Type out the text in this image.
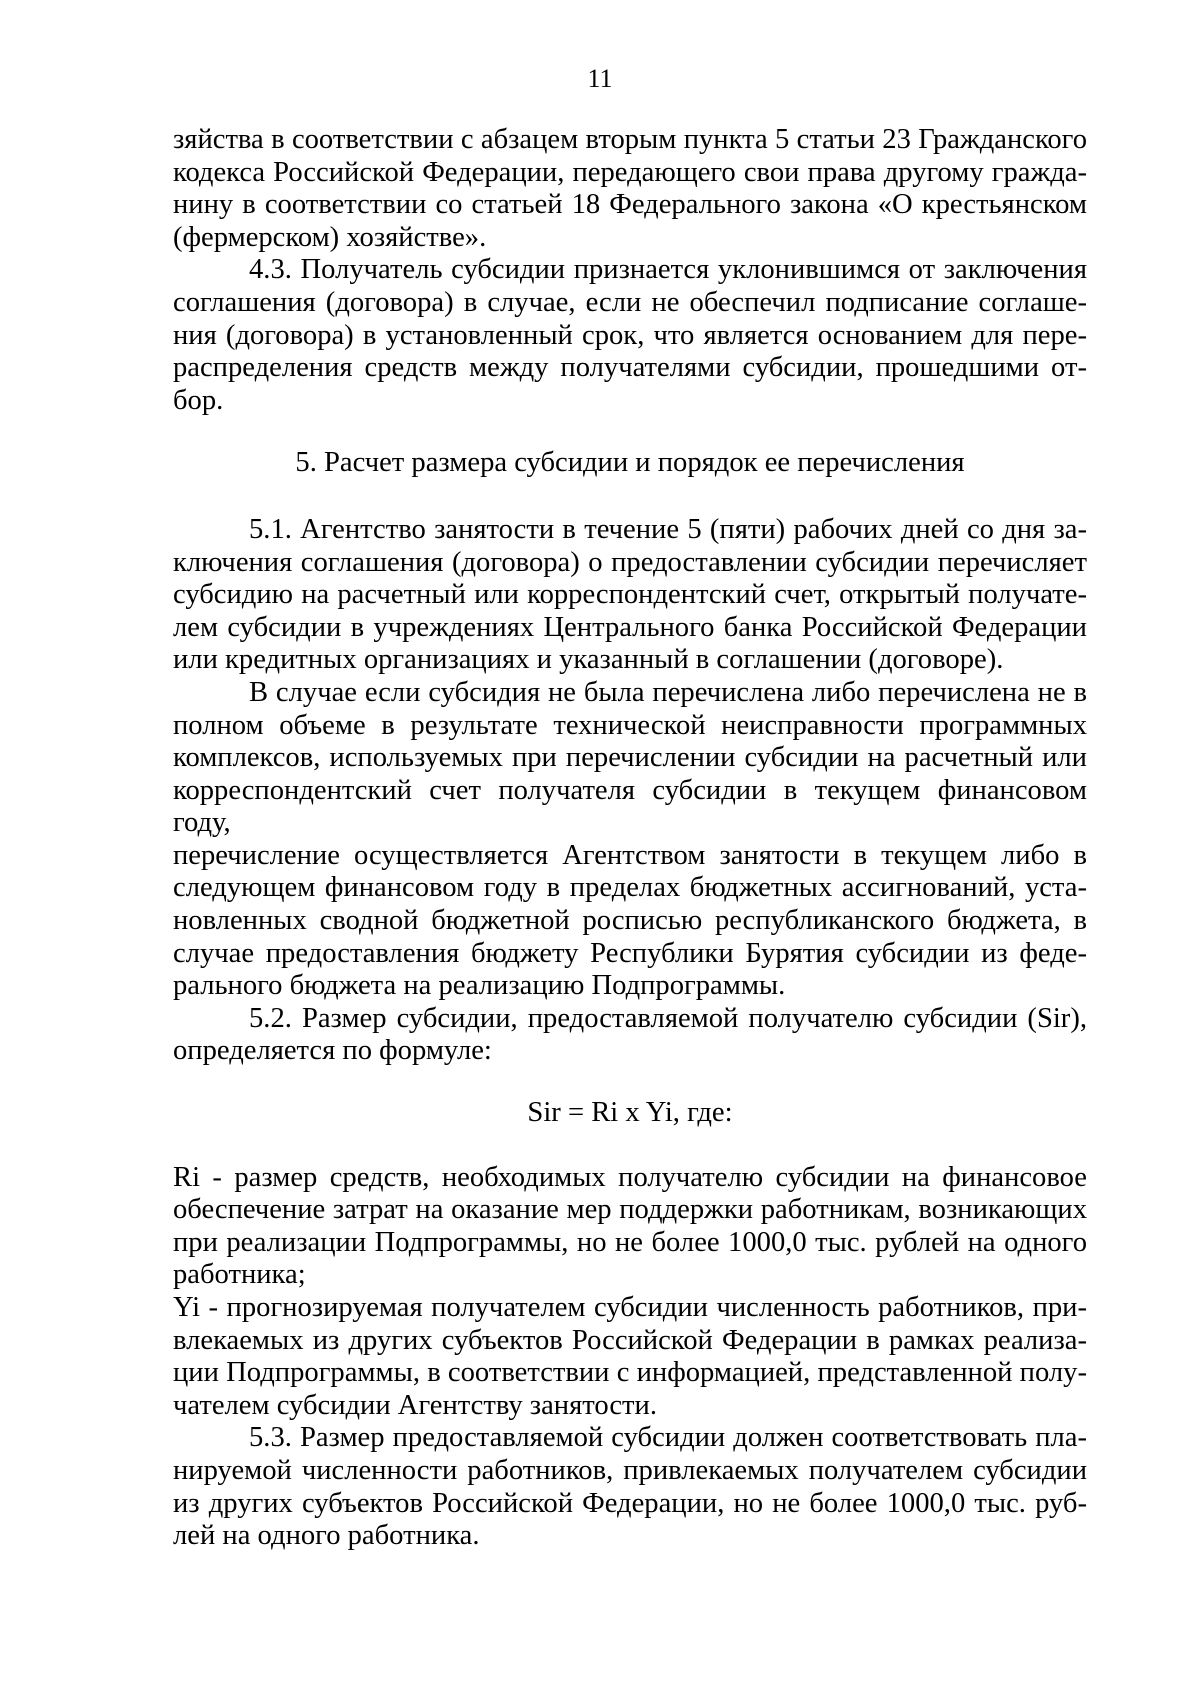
11

зяйства в соответствии с абзацем вторым пункта 5 статьи 23 Гражданского

кодекса Российской Федерации, передающего свои права другому гражда-

нину в соответствии со статьей 18 Федерального закона «О крестьянском

(фермерском) хозяйстве».

4.3. Получатель субсидии признается уклонившимся от заключения

соглашения (договора) в случае, если не обеспечил подписание соглаше-

ния (договора) в установленный срок, что является основанием для пере-

распределения средств между получателями субсидии, прошедшими от-

бор.

5. Расчет размера субсидии и порядок ее перечисления

5.1. Агентство занятости в течение 5 (пяти) рабочих дней со дня за-

ключения соглашения (договора) о предоставлении субсидии перечисляет

субсидию на расчетный или корреспондентский счет, открытый получате-

лем субсидии в учреждениях Центрального банка Российской Федерации

или кредитных организациях и указанный в соглашении (договоре).

В случае если субсидия не была перечислена либо перечислена не в

полном объеме в результате технической неисправности программных

комплексов, используемых при перечислении субсидии на расчетный или

корреспондентский счет получателя субсидии в текущем финансовом году,

перечисление осуществляется Агентством занятости в текущем либо в

следующем финансовом году в пределах бюджетных ассигнований, уста-

новленных сводной бюджетной росписью республиканского бюджета, в

случае предоставления бюджету Республики Бурятия субсидии из феде-

рального бюджета на реализацию Подпрограммы.

5.2. Размер субсидии, предоставляемой получателю субсидии (Sir),

определяется по формуле:

Sir = Ri x Yi, где:

Ri - размер средств, необходимых получателю субсидии на финансовое

обеспечение затрат на оказание мер поддержки работникам, возникающих

при реализации Подпрограммы, но не более 1000,0 тыс. рублей на одного

работника;

Yi - прогнозируемая получателем субсидии численность работников, при-

влекаемых из других субъектов Российской Федерации в рамках реализа-

ции Подпрограммы, в соответствии с информацией, представленной полу-

чателем субсидии Агентству занятости.

5.3. Размер предоставляемой субсидии должен соответствовать пла-

нируемой численности работников, привлекаемых получателем субсидии

из других субъектов Российской Федерации, но не более 1000,0 тыс. руб-

лей на одного работника.
